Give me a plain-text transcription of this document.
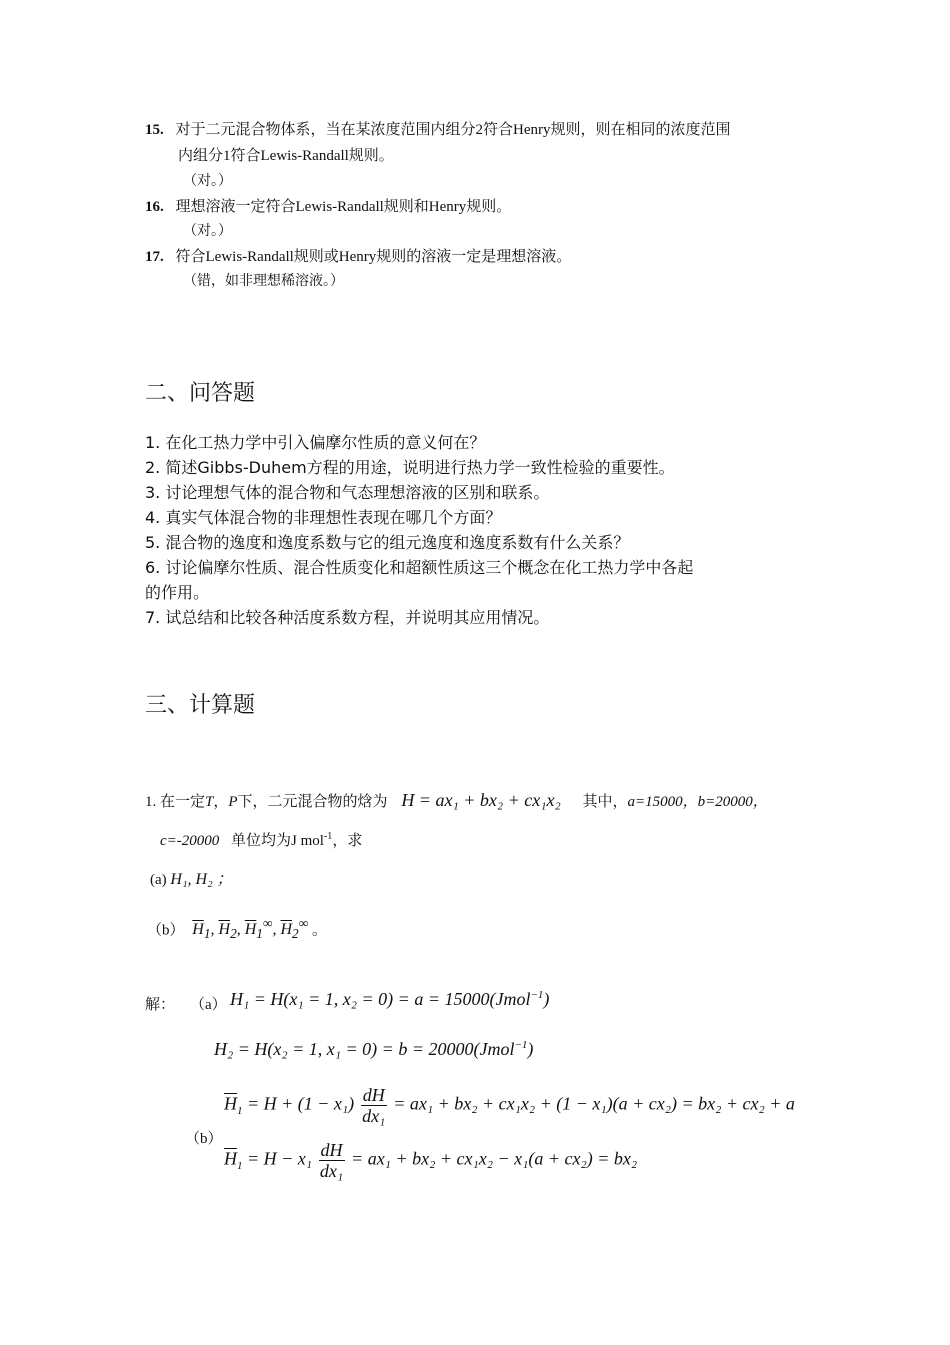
15. 对于二元混合物体系，当在某浓度范围内组分2符合Henry规则，则在相同的浓度范围
内组分1符合Lewis-Randall规则。
（对。）
16. 理想溶液一定符合Lewis-Randall规则和Henry规则。
（对。）
17. 符合Lewis-Randall规则或Henry规则的溶液一定是理想溶液。
（错，如非理想稀溶液。）
二、问答题
1. 在化工热力学中引入偏摩尔性质的意义何在？
2. 简述Gibbs-Duhem方程的用途，说明进行热力学一致性检验的重要性。
3. 讨论理想气体的混合物和气态理想溶液的区别和联系。
4. 真实气体混合物的非理想性表现在哪几个方面？
5. 混合物的逸度和逸度系数与它的组元逸度和逸度系数有什么关系？
6. 讨论偏摩尔性质、混合性质变化和超额性质这三个概念在化工热力学中各起
的作用。
7. 试总结和比较各种活度系数方程，并说明其应用情况。
三、计算题
1. 在一定T，P下，二元混合物的焓为 H = ax₁ + bx₂ + cx₁x₂ 其中，a=15000，b=20000，
c=-20000 单位均为J mol$^{-1}$，求
(a) H₁, H₂ ；
（b） $\overline{H}_1$, $\overline{H}_2$, $\overline{H}_1^\infty$, $\overline{H}_2^\infty$ 。
解： （a） H₁ = H(x₁ = 1, x₂ = 0) = a = 15000(Jmol$^{-1}$)
H₂ = H(x₂ = 1, x₁ = 0) = b = 20000(Jmol$^{-1}$)
（b）
$\overline{H}_1 = H + (1 - x_1) \frac{dH}{\text{dx₁}} = ax_1 + bx_2 + cx_1x_2 + (1 - x_1)(a + cx_2) = bx_2 + cx_2 + a$
$\overline{H}_1 = H - x_1 \frac{dH}{\text{dx₁}} = ax_1 + bx_2 + cx_1x_2 - x_1(a + cx_2) = bx_2$
